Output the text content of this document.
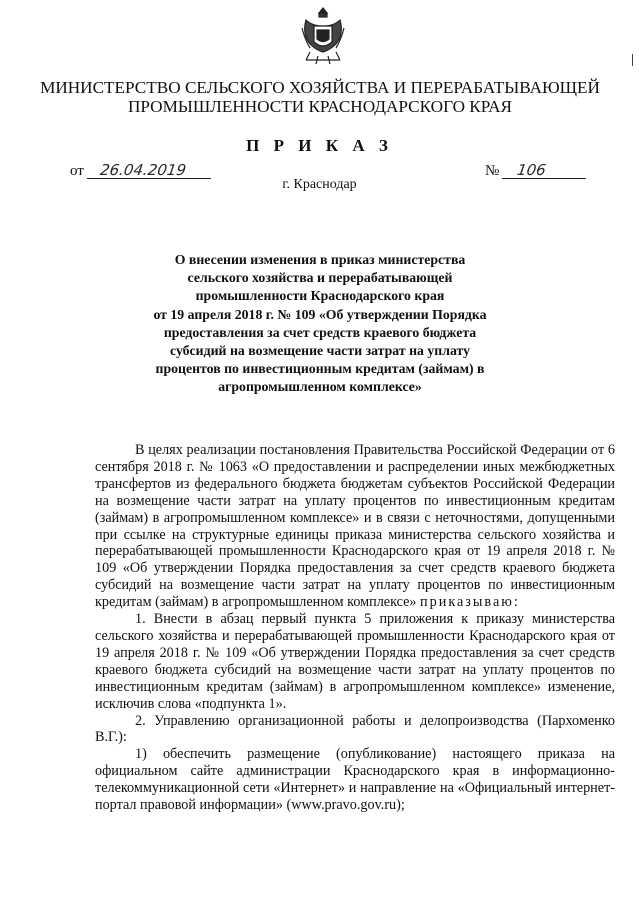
МИНИСТЕРСТВО СЕЛЬСКОГО ХОЗЯЙСТВА И ПЕРЕРАБАТЫВАЮЩЕЙ
ПРОМЫШЛЕННОСТИ КРАСНОДАРСКОГО КРАЯ
П Р И К А З
от 26.04.2019	№ 106
г. Краснодар
О внесении изменения в приказ министерства
сельского хозяйства и перерабатывающей
промышленности Краснодарского края
от 19 апреля 2018 г. № 109 «Об утверждении Порядка
предоставления за счет средств краевого бюджета
субсидий на возмещение части затрат на уплату
процентов по инвестиционным кредитам (займам) в
агропромышленном комплексе»

В целях реализации постановления Правительства Российской Федерации от 6 сентября 2018 г. № 1063 «О предоставлении и распределении иных межбюджетных трансфертов из федерального бюджета бюджетам субъектов Российской Федерации на возмещение части затрат на уплату процентов по инвестиционным кредитам (займам) в агропромышленном комплексе» и в связи с неточностями, допущенными при ссылке на структурные единицы приказа министерства сельского хозяйства и перерабатывающей промышленности Краснодарского края от 19 апреля 2018 г. № 109 «Об утверждении Порядка предоставления за счет средств краевого бюджета субсидий на возмещение части затрат на уплату процентов по инвестиционным кредитам (займам) в агропромышленном комплексе» приказываю:

1. Внести в абзац первый пункта 5 приложения к приказу министерства сельского хозяйства и перерабатывающей промышленности Краснодарского края от 19 апреля 2018 г. № 109 «Об утверждении Порядка предоставления за счет средств краевого бюджета субсидий на возмещение части затрат на уплату процентов по инвестиционным кредитам (займам) в агропромышленном комплексе» изменение, исключив слова «подпункта 1».

2. Управлению организационной работы и делопроизводства (Пархоменко В.Г.):

1) обеспечить размещение (опубликование) настоящего приказа на официальном сайте администрации Краснодарского края в информационно-телекоммуникационной сети «Интернет» и направление на «Официальный интернет-портал правовой информации» (www.pravo.gov.ru);
